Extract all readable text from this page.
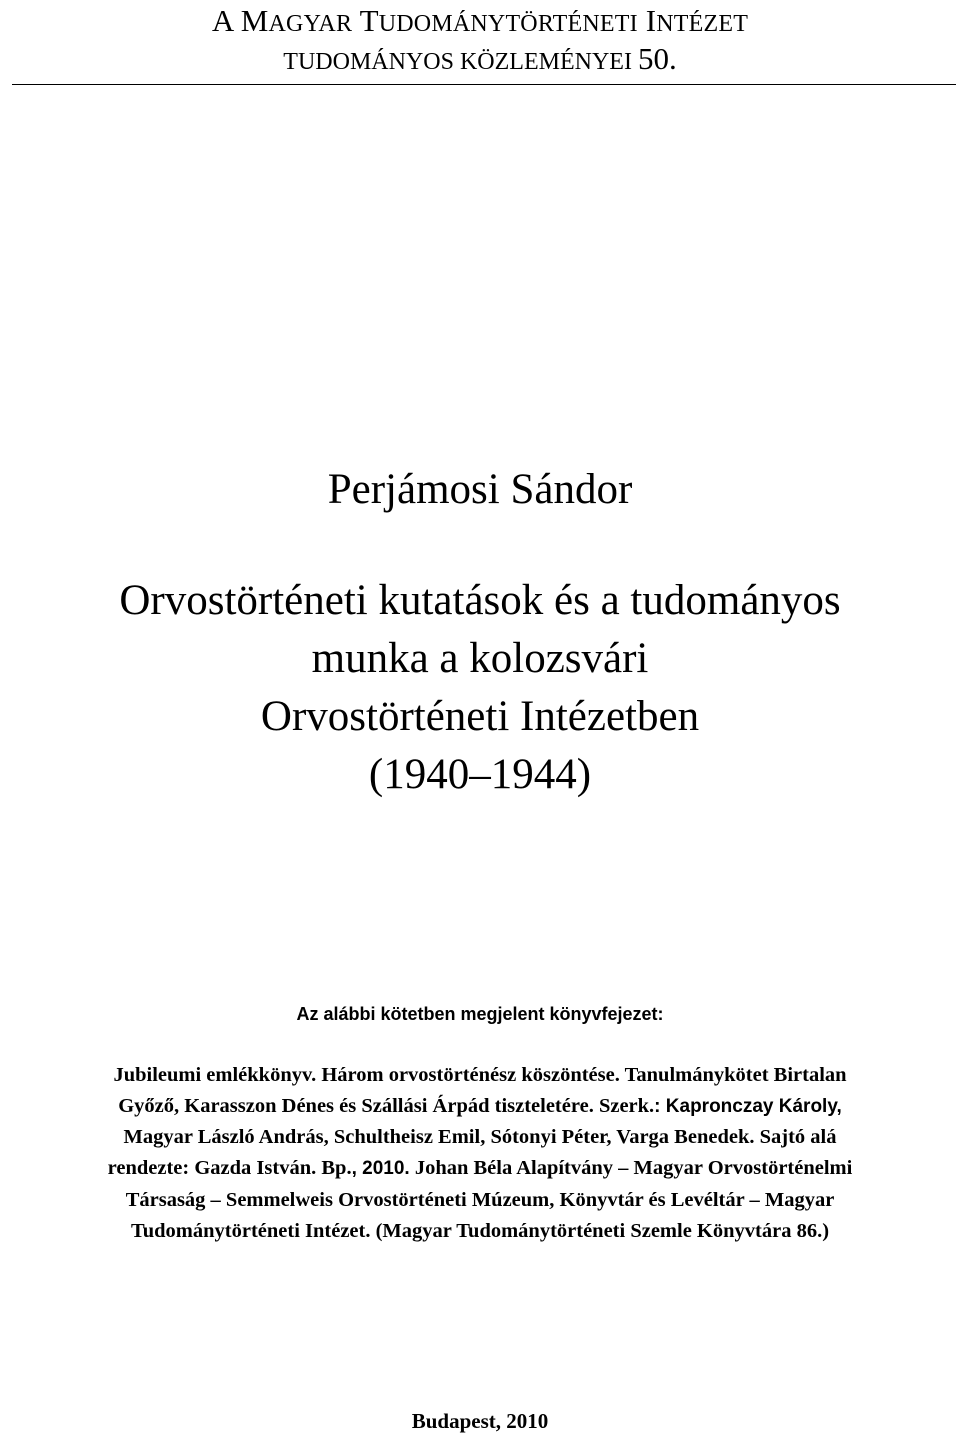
A MAGYAR TUDOMÁNYTÖRTÉNETI INTÉZET
TUDOMÁNYOS KÖZLEMÉNYEI 50.
Perjámosi Sándor
Orvostörténeti kutatások és a tudományos
munka a kolozsvári
Orvostörténeti Intézetben
(1940–1944)
Az alábbi kötetben megjelent könyvfejezet:
Jubileumi emlékkönyv. Három orvostörténész köszöntése. Tanulmánykötet Birtalan
Győző, Karasszon Dénes és Szállási Árpád tiszteletére. Szerk.: Kapronczay Károly,
Magyar László András, Schultheisz Emil, Sótonyi Péter, Varga Benedek. Sajtó alá
rendezte: Gazda István. Bp., 2010. Johan Béla Alapítvány – Magyar Orvostörténelmi
Társaság – Semmelweis Orvostörténeti Múzeum, Könyvtár és Levéltár – Magyar
Tudománytörténeti Intézet. (Magyar Tudománytörténeti Szemle Könyvtára 86.)
Budapest, 2010
